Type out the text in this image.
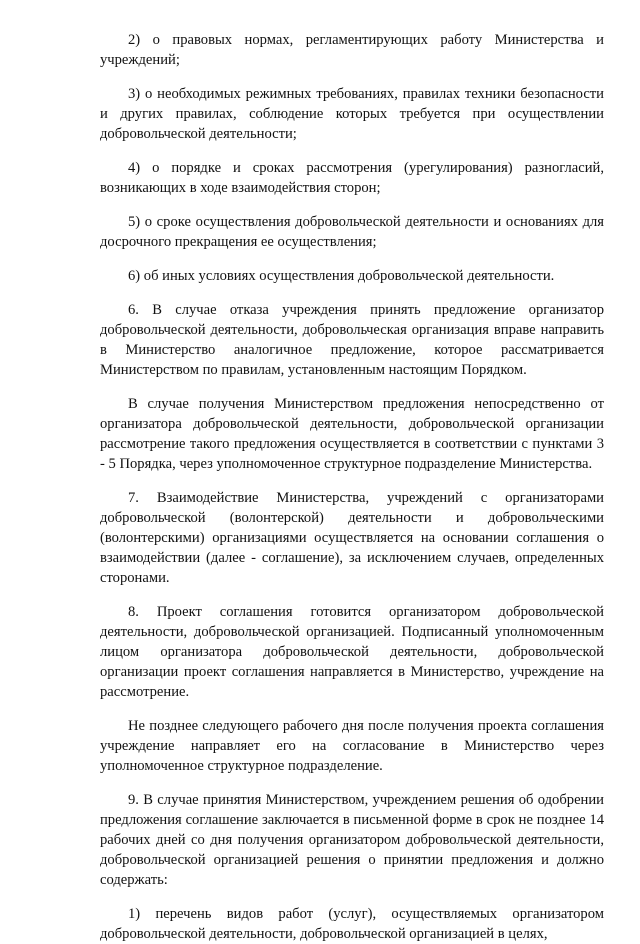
2) о правовых нормах, регламентирующих работу Министерства и учреждений;

3) о необходимых режимных требованиях, правилах техники безопасности и других правилах, соблюдение которых требуется при осуществлении добровольческой деятельности;

4) о порядке и сроках рассмотрения (урегулирования) разногласий, возникающих в ходе взаимодействия сторон;

5) о сроке осуществления добровольческой деятельности и основаниях для досрочного прекращения ее осуществления;

6) об иных условиях осуществления добровольческой деятельности.

6. В случае отказа учреждения принять предложение организатор добровольческой деятельности, добровольческая организация вправе направить в Министерство аналогичное предложение, которое рассматривается Министерством по правилам, установленным настоящим Порядком.

В случае получения Министерством предложения непосредственно от организатора добровольческой деятельности, добровольческой организации рассмотрение такого предложения осуществляется в соответствии с пунктами 3 - 5 Порядка, через уполномоченное структурное подразделение Министерства.

7. Взаимодействие Министерства, учреждений с организаторами добровольческой (волонтерской) деятельности и добровольческими (волонтерскими) организациями осуществляется на основании соглашения о взаимодействии (далее - соглашение), за исключением случаев, определенных сторонами.

8. Проект соглашения готовится организатором добровольческой деятельности, добровольческой организацией. Подписанный уполномоченным лицом организатора добровольческой деятельности, добровольческой организации проект соглашения направляется в Министерство, учреждение на рассмотрение.

Не позднее следующего рабочего дня после получения проекта соглашения учреждение направляет его на согласование в Министерство через уполномоченное структурное подразделение.

9. В случае принятия Министерством, учреждением решения об одобрении предложения соглашение заключается в письменной форме в срок не позднее 14 рабочих дней со дня получения организатором добровольческой деятельности, добровольческой организацией решения о принятии предложения и должно содержать:

1) перечень видов работ (услуг), осуществляемых организатором добровольческой деятельности, добровольческой организацией в целях,
